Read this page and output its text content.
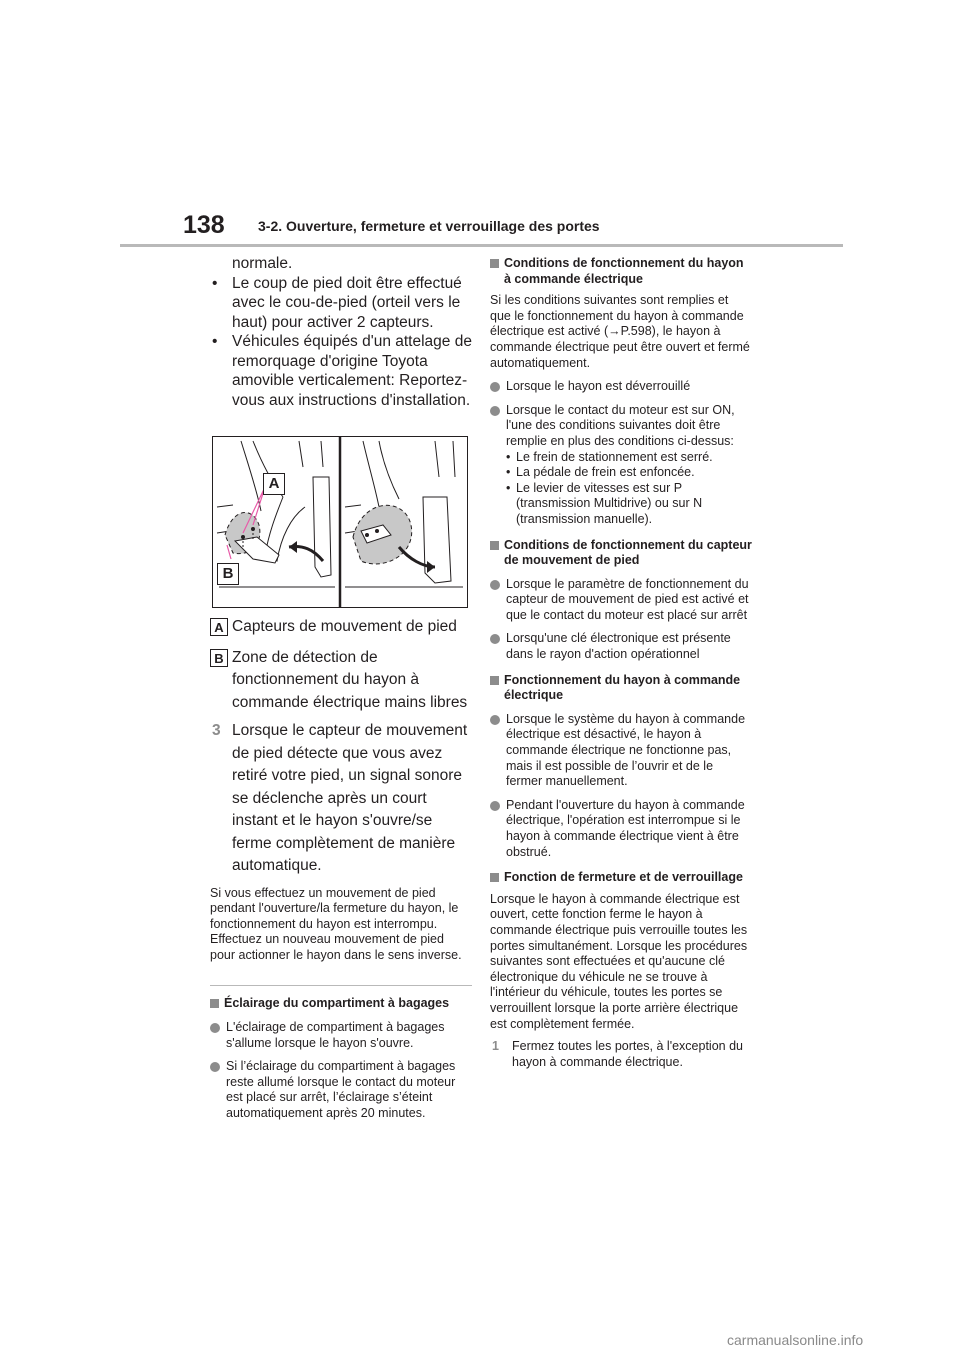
138 3-2. Ouverture, fermeture et verrouillage des portes
normale.
• Le coup de pied doit être effectué avec le cou-de-pied (orteil vers le haut) pour activer 2 capteurs.
• Véhicules équipés d'un attelage de remorquage d'origine Toyota amovible verticalement: Reportez-vous aux instructions d'installation.
A
B
A Capteurs de mouvement de pied
B Zone de détection de fonctionnement du hayon à commande électrique mains libres
3 Lorsque le capteur de mouvement de pied détecte que vous avez retiré votre pied, un signal sonore se déclenche après un court instant et le hayon s'ouvre/se ferme complètement de manière automatique.
Si vous effectuez un mouvement de pied pendant l'ouverture/la fermeture du hayon, le fonctionnement du hayon est interrompu. Effectuez un nouveau mouvement de pied pour actionner le hayon dans le sens inverse.
Éclairage du compartiment à bagages
L'éclairage de compartiment à bagages s'allume lorsque le hayon s'ouvre.
Si l’éclairage du compartiment à bagages reste allumé lorsque le contact du moteur est placé sur arrêt, l’éclairage s’éteint automatiquement après 20 minutes.
Conditions de fonctionnement du hayon à commande électrique
Si les conditions suivantes sont remplies et que le fonctionnement du hayon à commande électrique est activé (→P.598), le hayon à commande électrique peut être ouvert et fermé automatiquement.
Lorsque le hayon est déverrouillé
Lorsque le contact du moteur est sur ON, l'une des conditions suivantes doit être remplie en plus des conditions ci-dessus:
• Le frein de stationnement est serré.
• La pédale de frein est enfoncée.
• Le levier de vitesses est sur P (transmission Multidrive) ou sur N (transmission manuelle).
Conditions de fonctionnement du capteur de mouvement de pied
Lorsque le paramètre de fonctionnement du capteur de mouvement de pied est activé et que le contact du moteur est placé sur arrêt
Lorsqu'une clé électronique est présente dans le rayon d'action opérationnel
Fonctionnement du hayon à commande électrique
Lorsque le système du hayon à commande électrique est désactivé, le hayon à commande électrique ne fonctionne pas, mais il est possible de l’ouvrir et de le fermer manuellement.
Pendant l'ouverture du hayon à commande électrique, l'opération est interrompue si le hayon à commande électrique vient à être obstrué.
Fonction de fermeture et de verrouillage
Lorsque le hayon à commande électrique est ouvert, cette fonction ferme le hayon à commande électrique puis verrouille toutes les portes simultanément. Lorsque les procédures suivantes sont effectuées et qu'aucune clé électronique du véhicule ne se trouve à l'intérieur du véhicule, toutes les portes se verrouillent lorsque la porte arrière électrique est complètement fermée.
1 Fermez toutes les portes, à l'exception du hayon à commande électrique.
carmanualsonline.info
